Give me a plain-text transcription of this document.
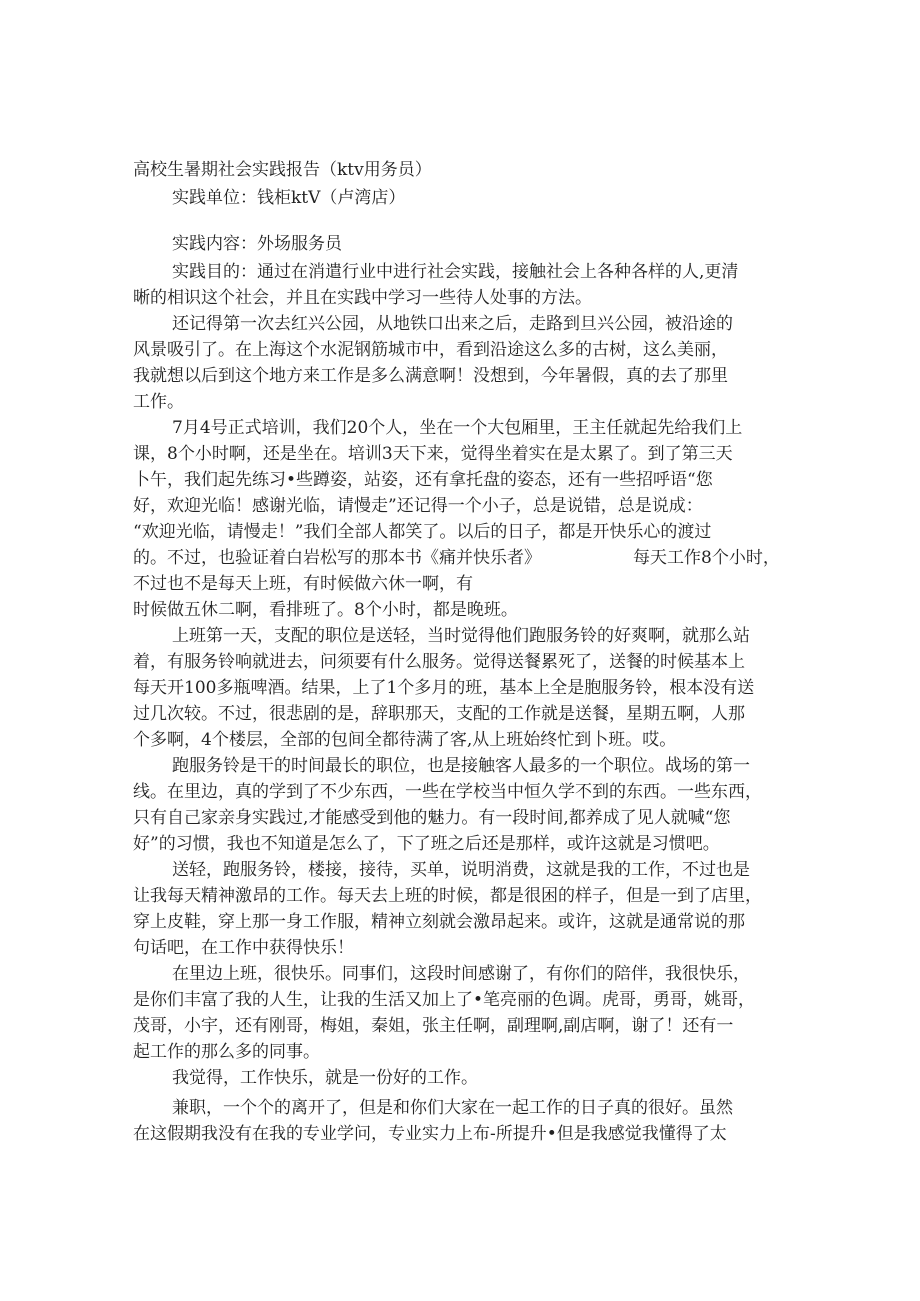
高校生暑期社会实践报告（ktv用务员）

实践单位：钱柜ktV（卢湾店）

实践内容：外场服务员

实践目的：通过在消遣行业中进行社会实践，接触社会上各种各样的人,更清

晰的相识这个社会，并且在实践中学习一些待人处事的方法。

还记得第一次去红兴公园，从地铁口出来之后，走路到旦兴公园，被沿途的

风景吸引了。在上海这个水泥钢筋城市中，看到沿途这么多的古树，这么美丽，

我就想以后到这个地方来工作是多么满意啊！没想到，今年暑假，真的去了那里

工作。

7月4号正式培训，我们20个人，坐在一个大包厢里，王主任就起先给我们上

课，8个小时啊，还是坐在。培训3天下来，觉得坐着实在是太累了。到了第三天

卜午，我们起先练习•些蹲姿，站姿，还有拿托盘的姿态，还有一些招呼语“您

好，欢迎光临！感谢光临，请慢走”还记得一个小子，总是说错，总是说成：

“欢迎光临，请慢走！”我们全部人都笑了。以后的日子，都是开快乐心的渡过

的。不过，也验证着白岩松写的那本书《痛并快乐者》	每天工作8个小时，

不过也不是每天上班，有时候做六休一啊，有

时候做五休二啊，看排班了。8个小时，都是晚班。

上班第一天，支配的职位是送轻，当时觉得他们跑服务铃的好爽啊，就那么站

着，有服务铃响就进去，问须要有什么服务。觉得送餐累死了，送餐的时候基本上

每天开100多瓶啤酒。结果，上了1个多月的班，基本上全是胞服务铃，根本没有送

过几次较。不过，很悲剧的是，辞职那天，支配的工作就是送餐，星期五啊，人那

个多啊，4个楼层，全部的包间全都待满了客,从上班始终忙到卜班。哎。

跑服务铃是干的时间最长的职位，也是接触客人最多的一个职位。战场的第一

线。在里边，真的学到了不少东西，一些在学校当中恒久学不到的东西。一些东西，

只有自己家亲身实践过,才能感受到他的魅力。有一段时间,都养成了见人就喊“您

好”的习惯，我也不知道是怎么了，下了班之后还是那样，或许这就是习惯吧。

送轻，跑服务铃，楼接，接待，买单，说明消费，这就是我的工作，不过也是

让我每天精神激昂的工作。每天去上班的时候，都是很困的样子，但是一到了店里，

穿上皮鞋，穿上那一身工作服，精神立刻就会激昂起来。或许，这就是通常说的那

句话吧，在工作中获得快乐！

在里边上班，很快乐。同事们，这段时间感谢了，有你们的陪伴，我很快乐，

是你们丰富了我的人生，让我的生活又加上了•笔亮丽的色调。虎哥，勇哥，姚哥，

茂哥，小宇，还有刚哥，梅姐，秦姐，张主任啊，副理啊,副店啊，谢了！还有一

起工作的那么多的同事。

我觉得，工作快乐，就是一份好的工作。

兼职，一个个的离开了，但是和你们大家在一起工作的日子真的很好。虽然

在这假期我没有在我的专业学问，专业实力上布-所提升•但是我感觉我懂得了太
